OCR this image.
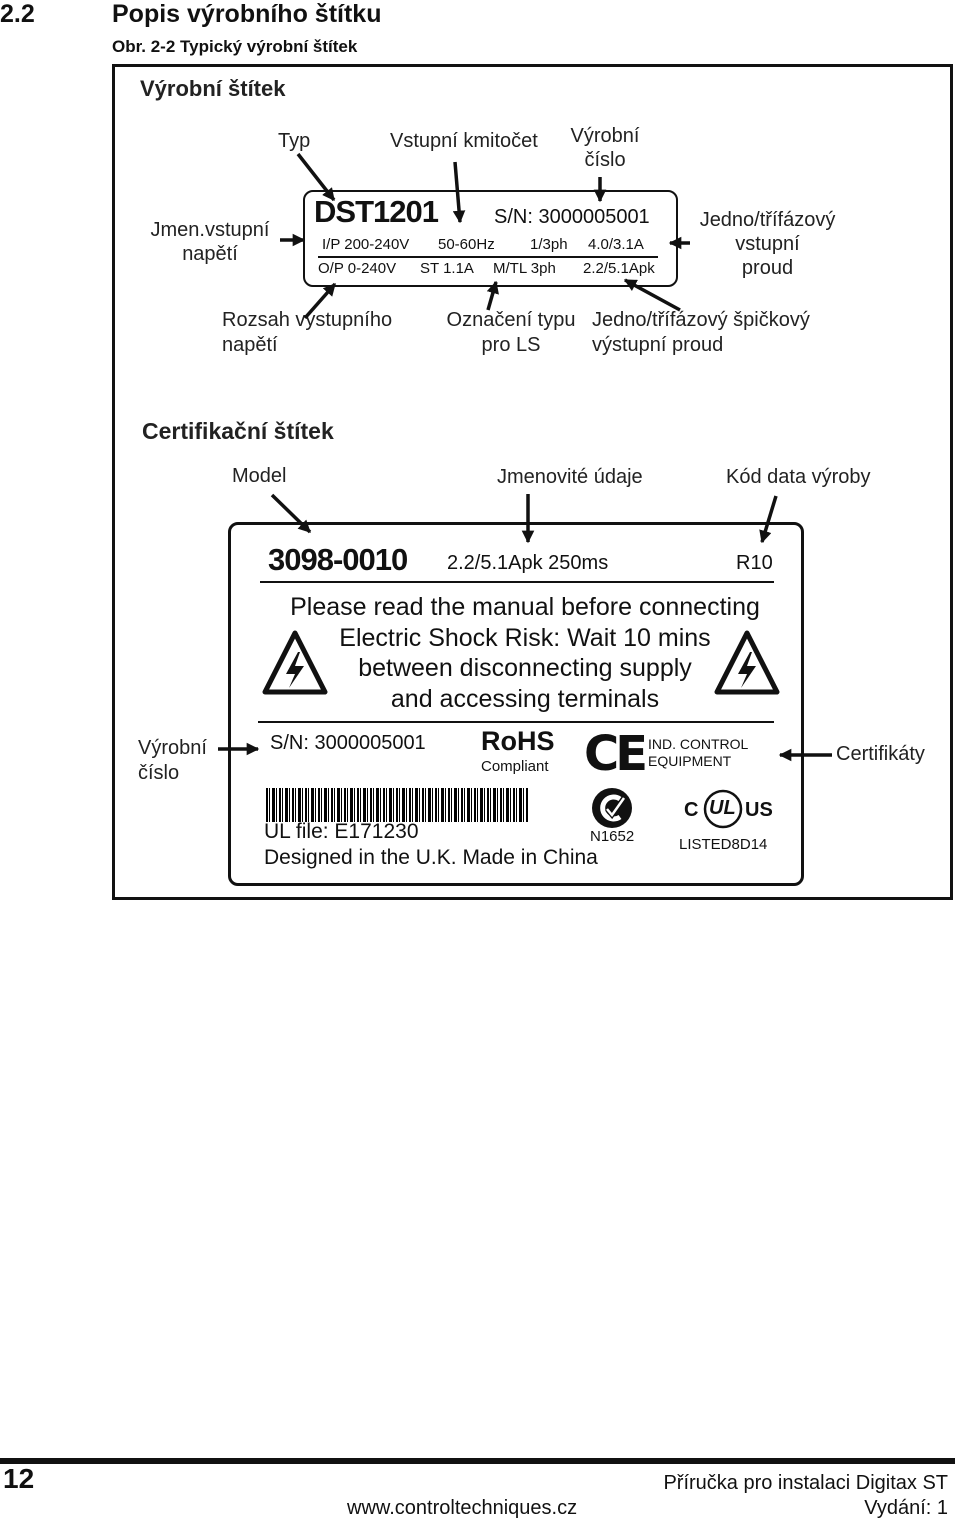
2.2	Popis výrobního štítku
Obr. 2-2 Typický výrobní štítek
Výrobní štítek
Typ	Vstupní kmitočet	Výrobní
číslo
Jmen.vstupní
napětí
Jedno/třífázový
vstupní
proud
Rozsah výstupního
napětí
Označení typu
pro LS
Jedno/třífázový špičkový
výstupní proud
DST1201	S/N: 3000005001
I/P 200-240V 50-60Hz 1/3ph 4.0/3.1A
O/P 0-240V ST 1.1A M/TL 3ph 2.2/5.1Apk
Certifikační štítek
Model	Jmenovité údaje	Kód data výroby
Výrobní
číslo
Certifikáty
3098-0010 2.2/5.1Apk 250ms	R10
Please read the manual before connecting
Electric Shock Risk: Wait 10 mins
between disconnecting supply
and accessing terminals
S/N: 3000005001 RoHS
Compliant CE IND. CONTROL
EQUIPMENT
N1652
C UL US
LISTED8D14
UL file: E171230
Designed in the U.K. Made in China
12	Příručka pro instalaci Digitax ST
www.controltechniques.cz	Vydání: 1
